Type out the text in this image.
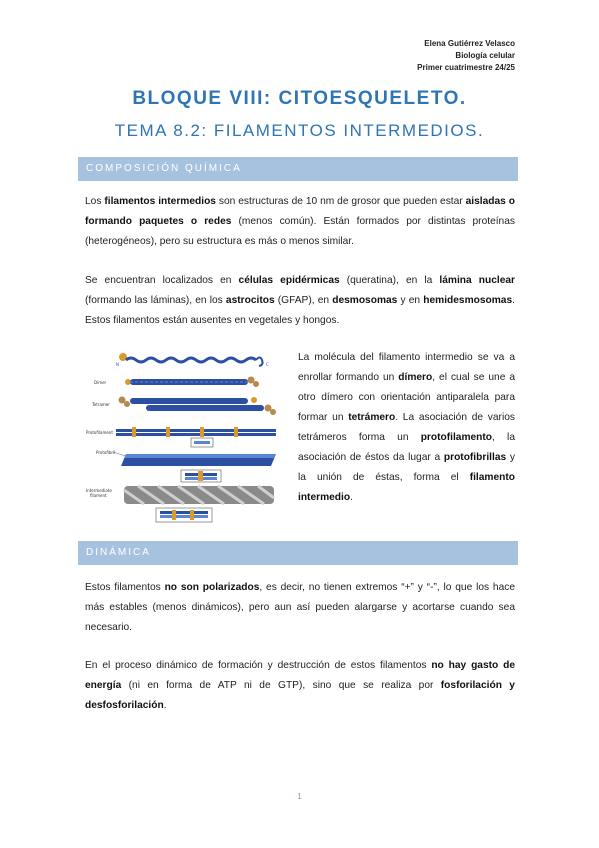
Elena Gutiérrez Velasco
Biología celular
Primer cuatrimestre 24/25
BLOQUE VIII: CITOESQUELETO.
TEMA 8.2: FILAMENTOS INTERMEDIOS.
COMPOSICIÓN QUÍMICA

Los filamentos intermedios son estructuras de 10 nm de grosor que pueden estar aisladas o formando paquetes o redes (menos común). Están formados por distintas proteínas (heterogéneos), pero su estructura es más o menos similar.

Se encuentran localizados en células epidérmicas (queratina), en la lámina nuclear (formando las láminas), en los astrocitos (GFAP), en desmosomas y en hemidesmosomas. Estos filamentos están ausentes en vegetales y hongos.

N	C
Dimer
Tetramer
Protofilament
Protofibril
Intermediate
filament

La molécula del filamento intermedio se va a enrollar formando un dímero, el cual se une a otro dímero con orientación antiparalela para formar un tetrámero. La asociación de varios tetrámeros forma un protofilamento, la asociación de éstos da lugar a protofibrillas y la unión de éstas, forma el filamento intermedio.

DINÁMICA

Estos filamentos no son polarizados, es decir, no tienen extremos “+” y “-”, lo que los hace más estables (menos dinámicos), pero aun así pueden alargarse y acortarse cuando sea necesario.

En el proceso dinámico de formación y destrucción de estos filamentos no hay gasto de energía (ni en forma de ATP ni de GTP), sino que se realiza por fosforilación y desfosforilación.

1
